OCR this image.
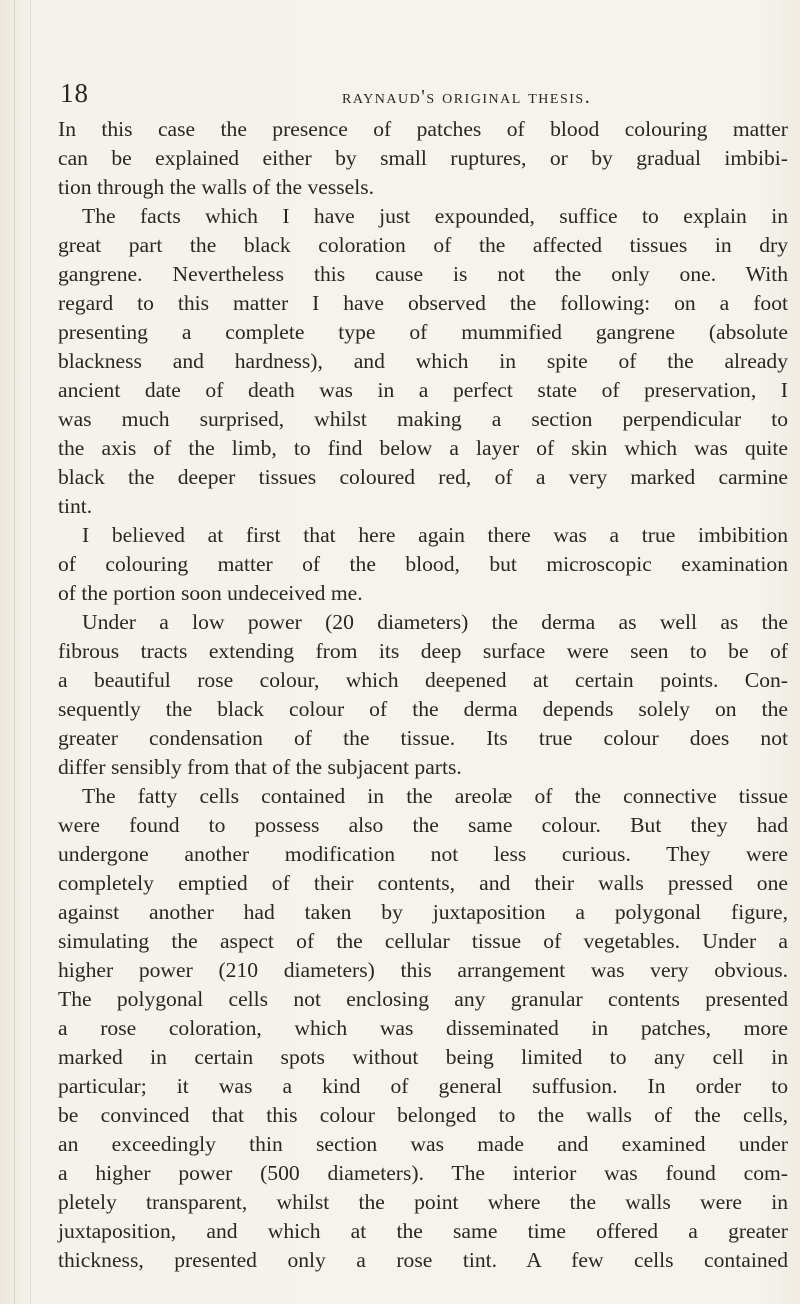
18	raynaud's original thesis.
In this case the presence of patches of blood colouring matter
can be explained either by small ruptures, or by gradual imbibi-
tion through the walls of the vessels.
The facts which I have just expounded, suffice to explain in
great part the black coloration of the affected tissues in dry
gangrene. Nevertheless this cause is not the only one. With
regard to this matter I have observed the following: on a foot
presenting a complete type of mummified gangrene (absolute
blackness and hardness), and which in spite of the already
ancient date of death was in a perfect state of preservation, I
was much surprised, whilst making a section perpendicular to
the axis of the limb, to find below a layer of skin which was quite
black the deeper tissues coloured red, of a very marked carmine
tint.
I believed at first that here again there was a true imbibition
of colouring matter of the blood, but microscopic examination
of the portion soon undeceived me.
Under a low power (20 diameters) the derma as well as the
fibrous tracts extending from its deep surface were seen to be of
a beautiful rose colour, which deepened at certain points. Con-
sequently the black colour of the derma depends solely on the
greater condensation of the tissue. Its true colour does not
differ sensibly from that of the subjacent parts.
The fatty cells contained in the areolæ of the connective tissue
were found to possess also the same colour. But they had
undergone another modification not less curious. They were
completely emptied of their contents, and their walls pressed one
against another had taken by juxtaposition a polygonal figure,
simulating the aspect of the cellular tissue of vegetables. Under a
higher power (210 diameters) this arrangement was very obvious.
The polygonal cells not enclosing any granular contents presented
a rose coloration, which was disseminated in patches, more
marked in certain spots without being limited to any cell in
particular; it was a kind of general suffusion. In order to
be convinced that this colour belonged to the walls of the cells,
an exceedingly thin section was made and examined under
a higher power (500 diameters). The interior was found com-
pletely transparent, whilst the point where the walls were in
juxtaposition, and which at the same time offered a greater
thickness, presented only a rose tint. A few cells contained
